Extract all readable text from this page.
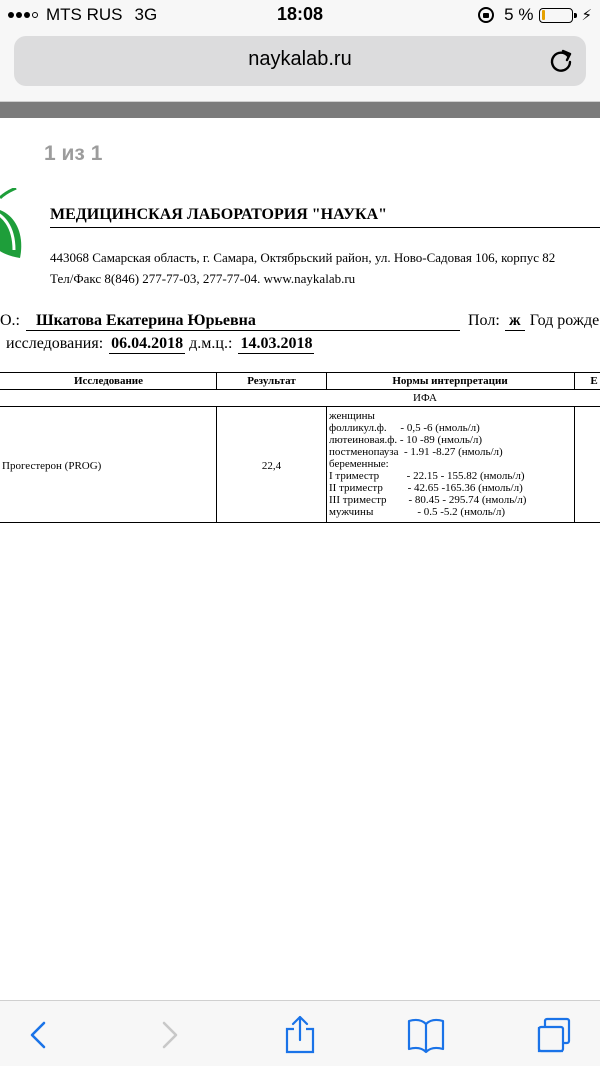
MTS RUS 3G	18:08	5 %	⚡
naykalab.ru
1 из 1
МЕДИЦИНСКАЯ ЛАБОРАТОРИЯ "НАУКА"
443068 Самарская область, г. Самара, Октябрьский район, ул. Ново-Садовая 106, корпус 82
Тел/Факс 8(846) 277-77-03, 277-77-04. www.naykalab.ru
О.: Шкатова Екатерина Юрьевна	Пол: ж Год рожде
исследования: 06.04.2018 д.м.ц.: 14.03.2018
Исследование	Результат	Нормы интерпретации	Е
ИФА
Прогестерон (PROG)	22,4
женщины
фолликул.ф.     - 0,5 -6 (нмоль/л)
лютеиновая.ф. - 10 -89 (нмоль/л)
постменопауза  - 1.91 -8.27 (нмоль/л)
беременные:
I триместр          - 22.15 - 155.82 (нмоль/л)
II триместр         - 42.65 -165.36 (нмоль/л)
III триместр        - 80.45 - 295.74 (нмоль/л)
мужчины                - 0.5 -5.2 (нмоль/л)
